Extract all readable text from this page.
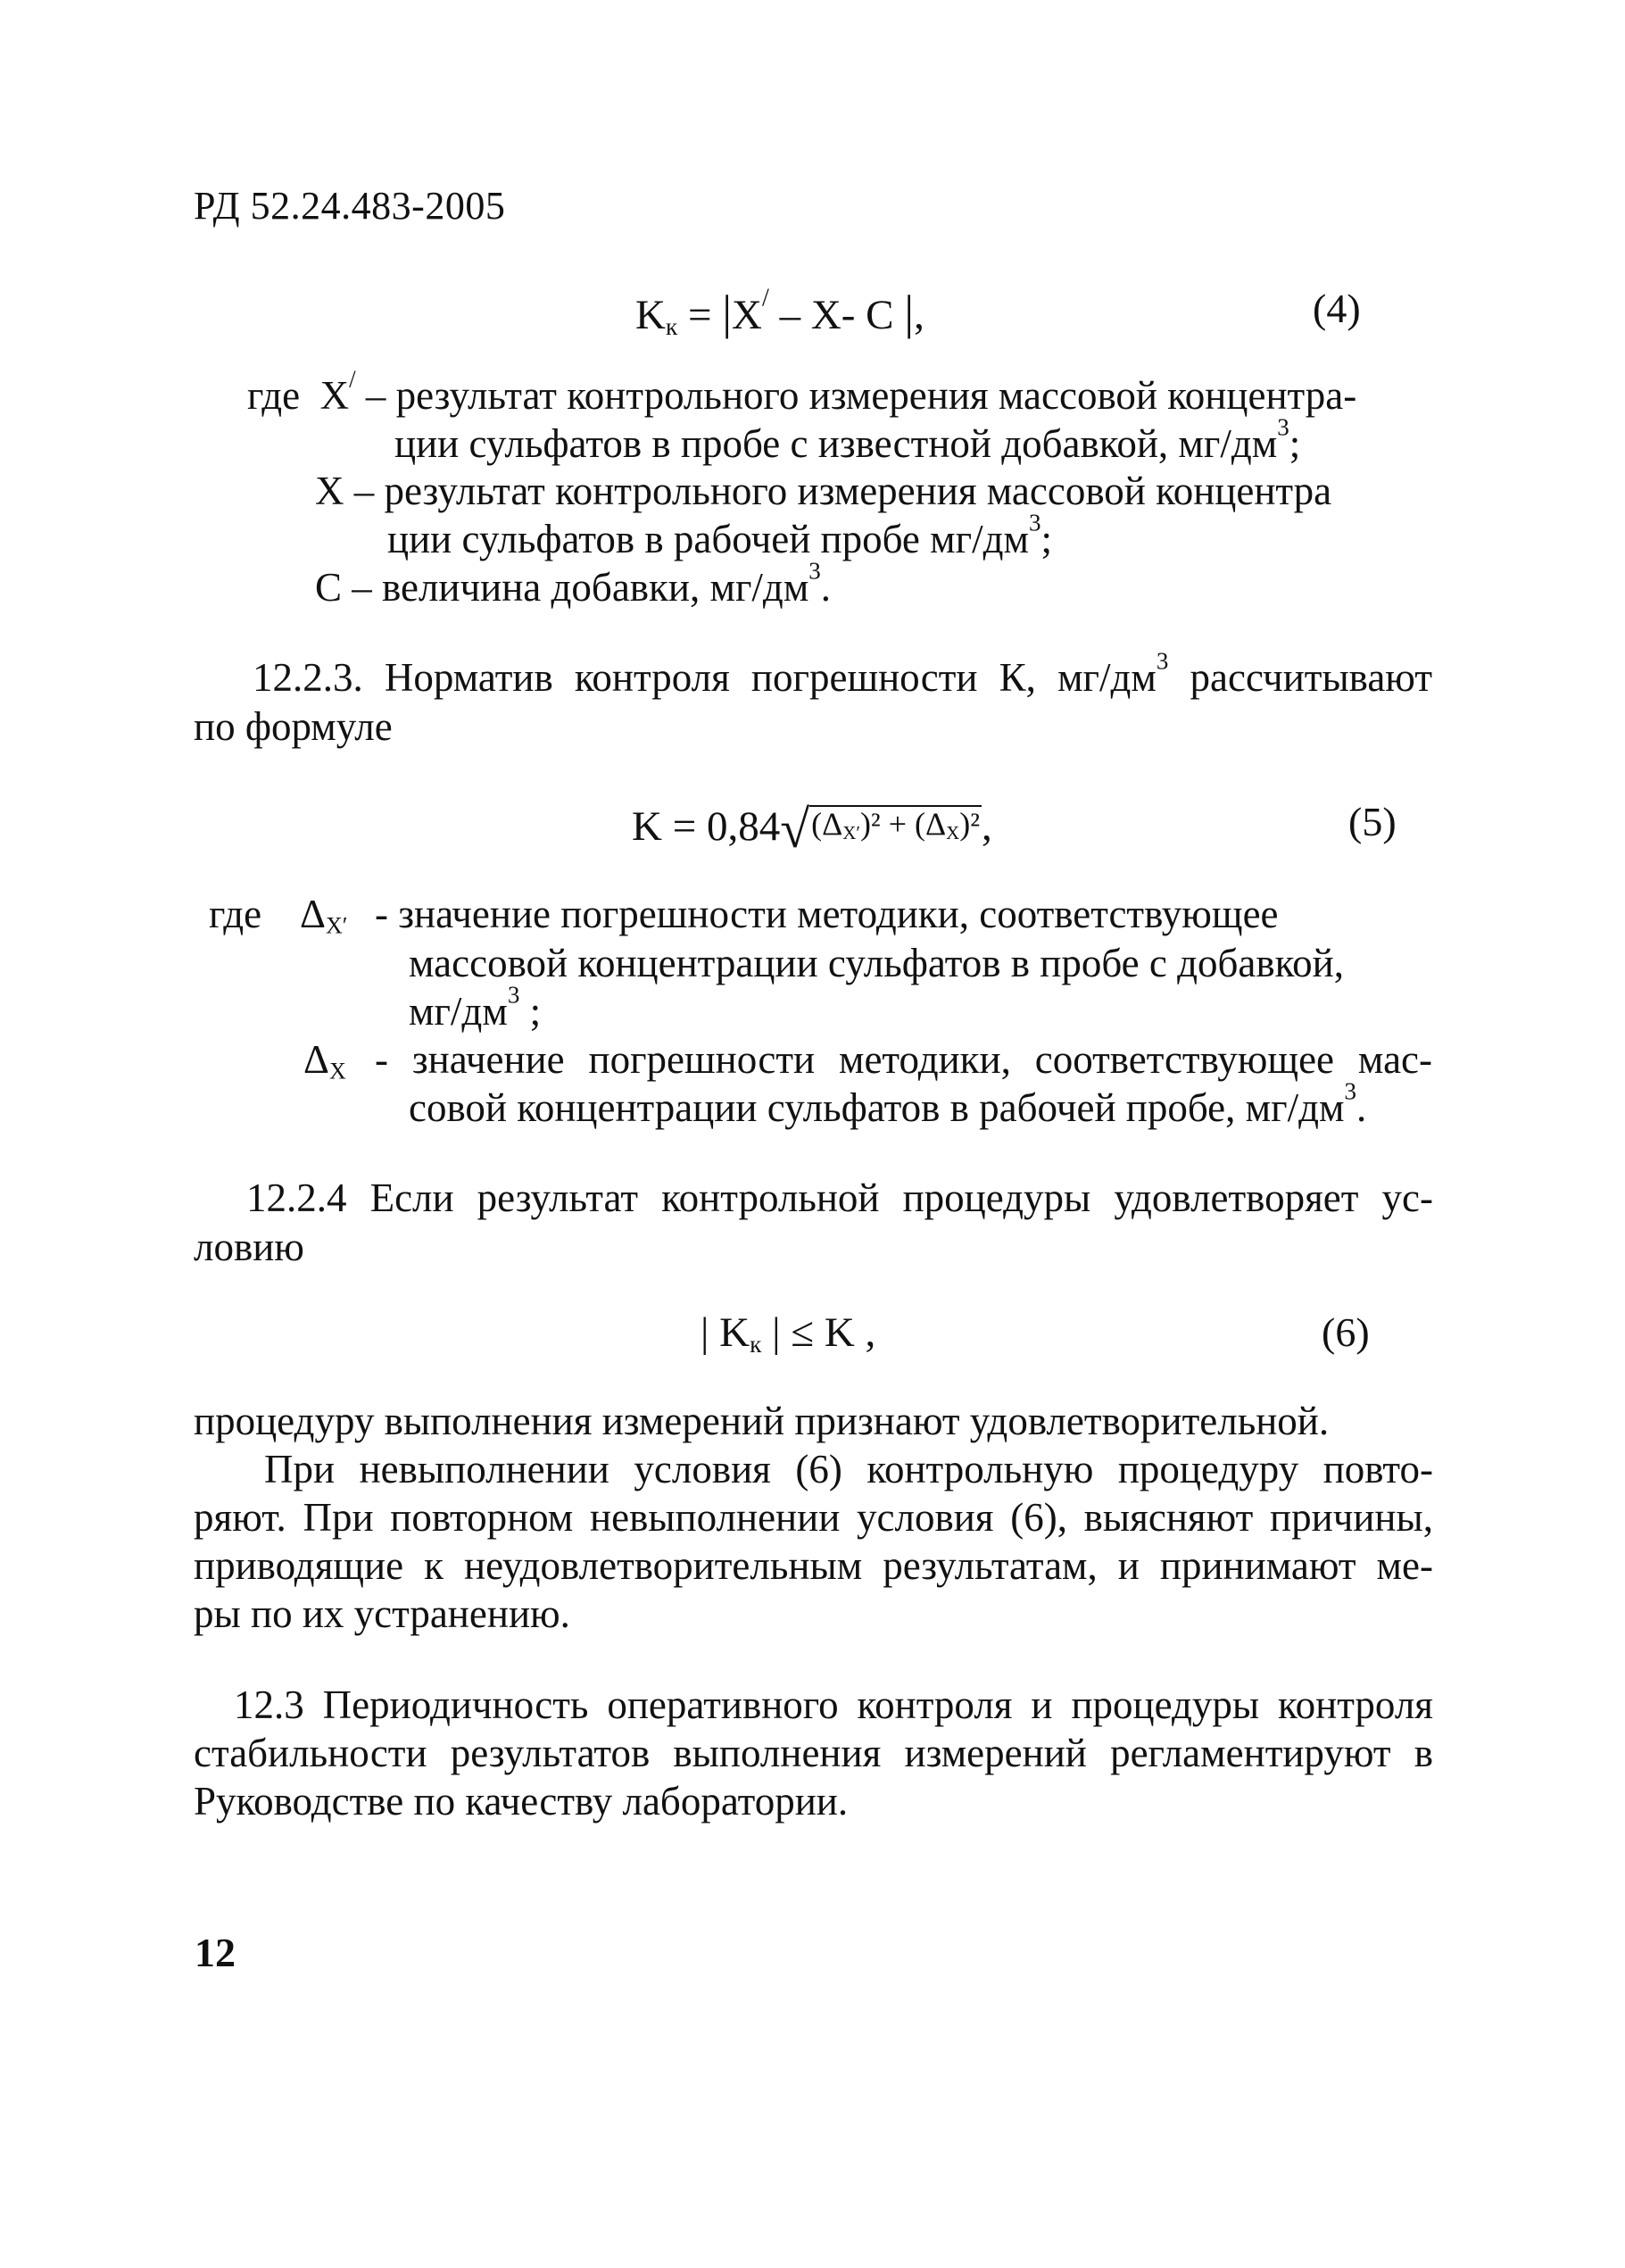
РД 52.24.483-2005
$K_к = |X^/ - X-$ C |,	(4)
где X/ – результат контрольного измерения массовой концентра-
ции сульфатов в пробе с известной добавкой, $мг/дм^3$;
X – результат контрольного измерения массовой концентра
ции сульфатов в рабочей пробе $мг/дм^3$;
C – величина добавки, $мг/дм^3$.
12.2.3. Норматив контроля погрешности К, $мг/дм^3$ рассчитывают
по формуле
$K = 0,84√(\Delta_{X'})^2 + (\Delta_X)^2$,	(5)
где $\Delta_{X'}$ - значение погрешности методики, соответствующее
массовой концентрации сульфатов в пробе с добавкой,
$мг/дм^3$ ;
$\Delta_X$ - значение погрешности методики, соответствующее мас-
совой концентрации сульфатов в рабочей пробе, $мг/дм^3$.
12.2.4 Если результат контрольной процедуры удовлетворяет ус-
ловию
| $K_к$ | ≤ K ,	(6)
процедуру выполнения измерений признают удовлетворительной.
При невыполнении условия (6) контрольную процедуру повто-
ряют. При повторном невыполнении условия (6), выясняют причины,
приводящие к неудовлетворительным результатам, и принимают ме-
ры по их устранению.
12.3 Периодичность оперативного контроля и процедуры контроля
стабильности результатов выполнения измерений регламентируют в
Руководстве по качеству лаборатории.
12
